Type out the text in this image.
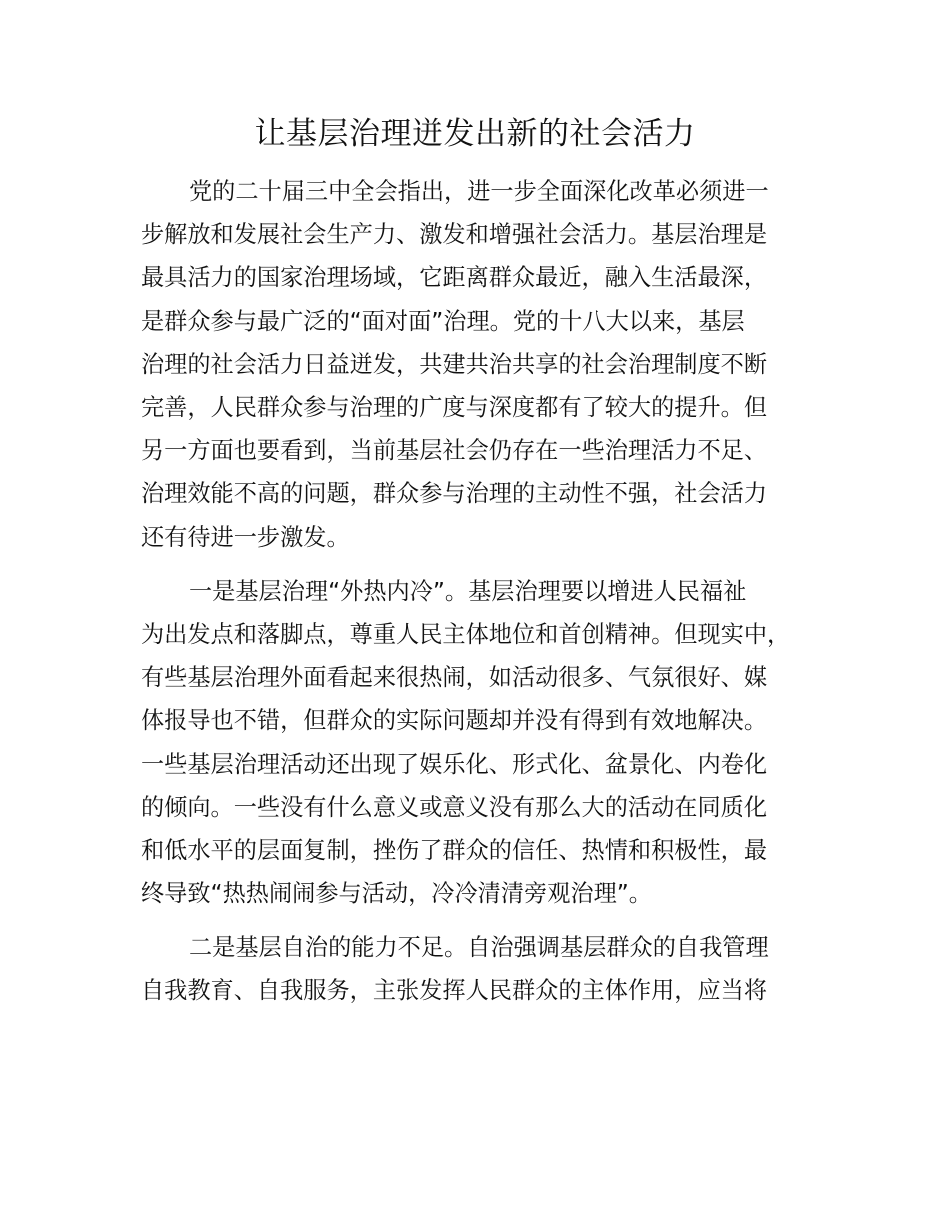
让基层治理迸发出新的社会活力
党的二十届三中全会指出，进一步全面深化改革必须进一
步解放和发展社会生产力、激发和增强社会活力。基层治理是
最具活力的国家治理场域，它距离群众最近，融入生活最深，
是群众参与最广泛的“面对面”治理。党的十八大以来，基层
治理的社会活力日益迸发，共建共治共享的社会治理制度不断
完善，人民群众参与治理的广度与深度都有了较大的提升。但
另一方面也要看到，当前基层社会仍存在一些治理活力不足、
治理效能不高的问题，群众参与治理的主动性不强，社会活力
还有待进一步激发。
一是基层治理“外热内冷”。基层治理要以增进人民福祉
为出发点和落脚点，尊重人民主体地位和首创精神。但现实中，
有些基层治理外面看起来很热闹，如活动很多、气氛很好、媒
体报导也不错，但群众的实际问题却并没有得到有效地解决。
一些基层治理活动还出现了娱乐化、形式化、盆景化、内卷化
的倾向。一些没有什么意义或意义没有那么大的活动在同质化
和低水平的层面复制，挫伤了群众的信任、热情和积极性，最
终导致“热热闹闹参与活动，冷冷清清旁观治理”。
二是基层自治的能力不足。自治强调基层群众的自我管理
自我教育、自我服务，主张发挥人民群众的主体作用，应当将
